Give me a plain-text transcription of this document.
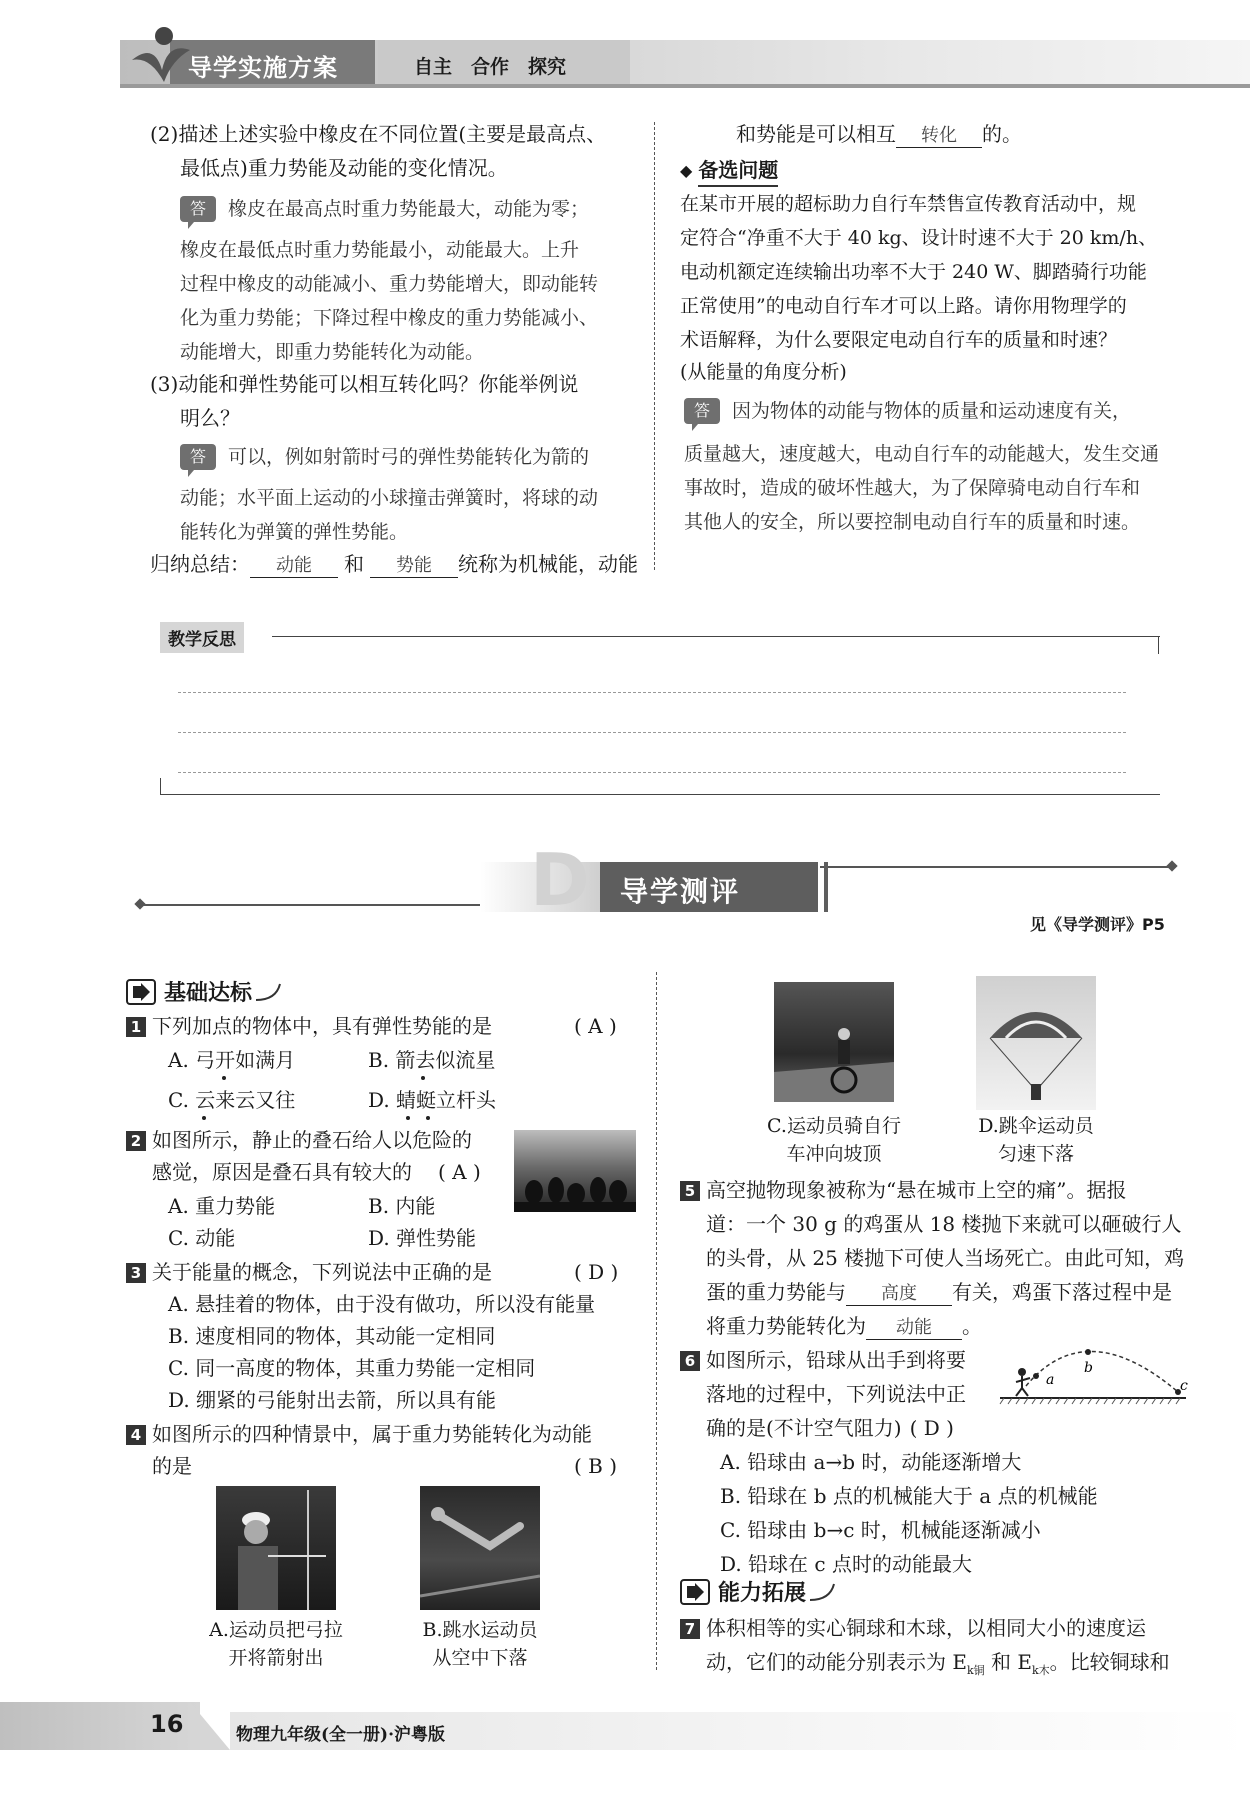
导学实施方案	自主　合作　探究
(2)描述上述实验中橡皮在不同位置(主要是最高点、
最低点)重力势能及动能的变化情况。
答	橡皮在最高点时重力势能最大，动能为零；
橡皮在最低点时重力势能最小，动能最大。上升
过程中橡皮的动能减小、重力势能增大，即动能转
化为重力势能；下降过程中橡皮的重力势能减小、
动能增大，即重力势能转化为动能。
(3)动能和弹性势能可以相互转化吗？你能举例说
明么？
答	可以，例如射箭时弓的弹性势能转化为箭的
动能；水平面上运动的小球撞击弹簧时，将球的动
能转化为弹簧的弹性势能。
归纳总结： 动能 和 势能 统称为机械能，动能
和势能是可以相互 转化 的。
◆ 备选问题
在某市开展的超标助力自行车禁售宣传教育活动中，规
定符合“净重不大于 40 kg、设计时速不大于 20 km/h、
电动机额定连续输出功率不大于 240 W、脚踏骑行功能
正常使用”的电动自行车才可以上路。请你用物理学的
术语解释，为什么要限定电动自行车的质量和时速？
(从能量的角度分析)
答	因为物体的动能与物体的质量和运动速度有关，
质量越大，速度越大，电动自行车的动能越大，发生交通
事故时，造成的破坏性越大，为了保障骑电动自行车和
其他人的安全，所以要控制电动自行车的质量和时速。
教学反思
D 导学测评
见《导学测评》P5
基础达标
1 下列加点的物体中，具有弹性势能的是	( A )
A. 弓开如满月	B. 箭去似流星
C. 云来云又往	D. 蜻蜓立杆头
2 如图所示，静止的叠石给人以危险的
感觉，原因是叠石具有较大的 ( A )
A. 重力势能	B. 内能
C. 动能	D. 弹性势能
3 关于能量的概念，下列说法中正确的是	( D )
A. 悬挂着的物体，由于没有做功，所以没有能量
B. 速度相同的物体，其动能一定相同
C. 同一高度的物体，其重力势能一定相同
D. 绷紧的弓能射出去箭，所以具有能
4 如图所示的四种情景中，属于重力势能转化为动能
的是	( B )
A.运动员把弓拉
开将箭射出
B.跳水运动员
从空中下落
C.运动员骑自行
车冲向坡顶
D.跳伞运动员
匀速下落
5 高空抛物现象被称为“悬在城市上空的痛”。据报
道：一个 30 g 的鸡蛋从 18 楼抛下来就可以砸破行人
的头骨，从 25 楼抛下可使人当场死亡。由此可知，鸡
蛋的重力势能与 高度 有关，鸡蛋下落过程中是
将重力势能转化为 动能 。
6 如图所示，铅球从出手到将要
落地的过程中，下列说法中正
确的是(不计空气阻力) ( D )
a
b
c
A. 铅球由 a→b 时，动能逐渐增大
B. 铅球在 b 点的机械能大于 a 点的机械能
C. 铅球由 b→c 时，机械能逐渐减小
D. 铅球在 c 点时的动能最大
能力拓展
7 体积相等的实心铜球和木球，以相同大小的速度运
动，它们的动能分别表示为 $E_{k铜}$ 和 $E_{k木}$。比较铜球和
16	物理九年级(全一册)·沪粤版
